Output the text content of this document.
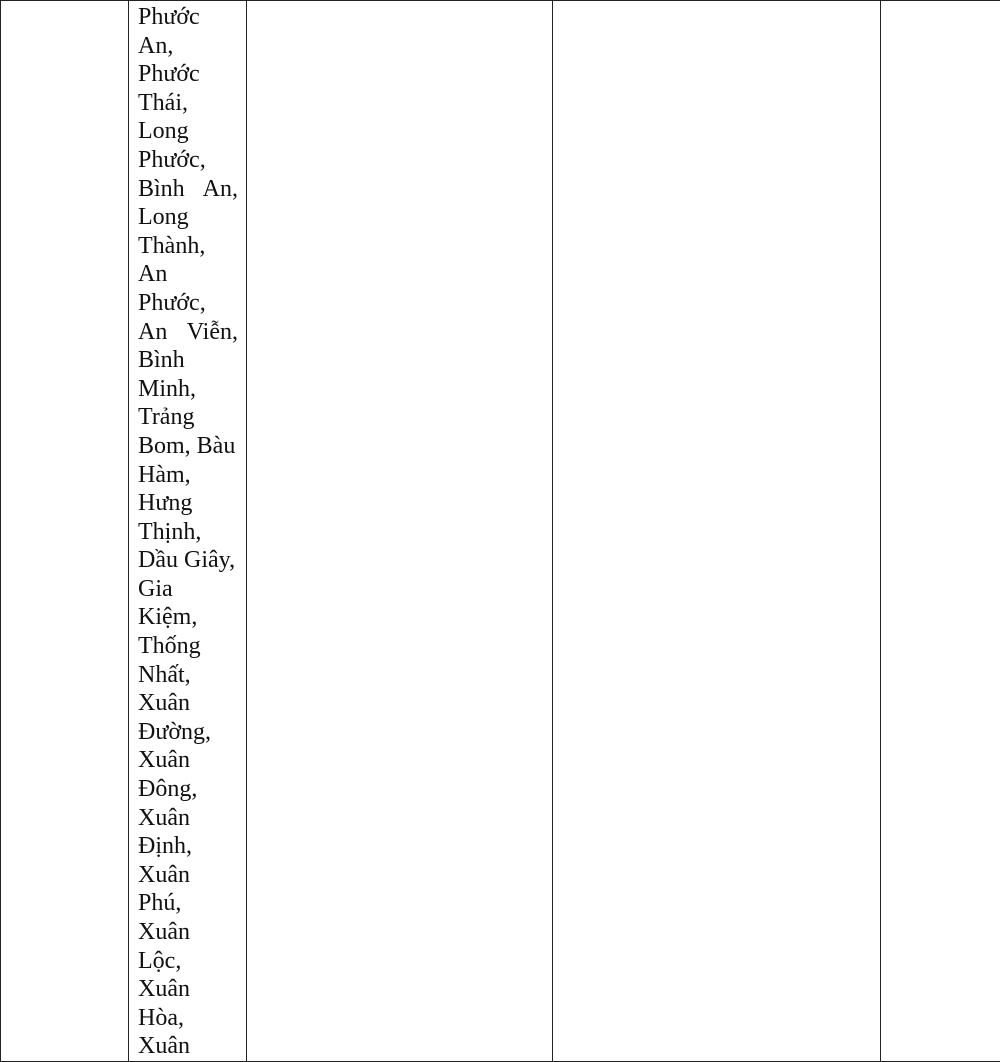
Phước
An,
Phước
Thái,
Long
Phước,
Bình An,
Long
Thành,
An
Phước,
An Viễn,
Bình
Minh,
Trảng
Bom, Bàu
Hàm,
Hưng
Thịnh,
Dầu Giây,
Gia
Kiệm,
Thống
Nhất,
Xuân
Đường,
Xuân
Đông,
Xuân
Định,
Xuân
Phú,
Xuân
Lộc,
Xuân
Hòa,
Xuân
